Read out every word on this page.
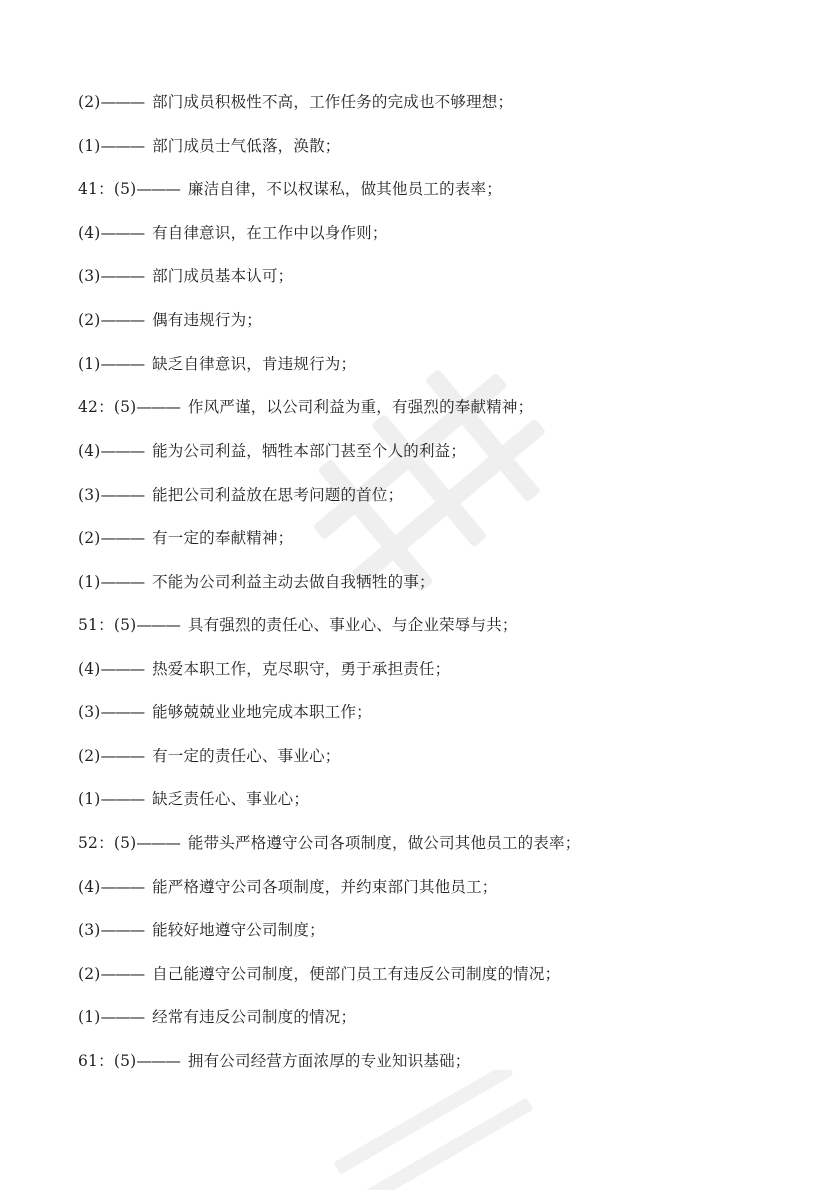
(2)——— 部门成员积极性不高，工作任务的完成也不够理想；
(1)——— 部门成员士气低落，涣散；
41：(5)——— 廉洁自律，不以权谋私，做其他员工的表率；
(4)——— 有自律意识，在工作中以身作则；
(3)——— 部门成员基本认可；
(2)——— 偶有违规行为；
(1)——— 缺乏自律意识，肯违规行为；
42：(5)——— 作风严谨，以公司利益为重，有强烈的奉献精神；
(4)——— 能为公司利益，牺牲本部门甚至个人的利益；
(3)——— 能把公司利益放在思考问题的首位；
(2)——— 有一定的奉献精神；
(1)——— 不能为公司利益主动去做自我牺牲的事；
51：(5)——— 具有强烈的责任心、事业心、与企业荣辱与共；
(4)——— 热爱本职工作，克尽职守，勇于承担责任；
(3)——— 能够兢兢业业地完成本职工作；
(2)——— 有一定的责任心、事业心；
(1)——— 缺乏责任心、事业心；
52：(5)——— 能带头严格遵守公司各项制度，做公司其他员工的表率；
(4)——— 能严格遵守公司各项制度，并约束部门其他员工；
(3)——— 能较好地遵守公司制度；
(2)——— 自己能遵守公司制度，便部门员工有违反公司制度的情况；
(1)——— 经常有违反公司制度的情况；
61：(5)——— 拥有公司经营方面浓厚的专业知识基础；
